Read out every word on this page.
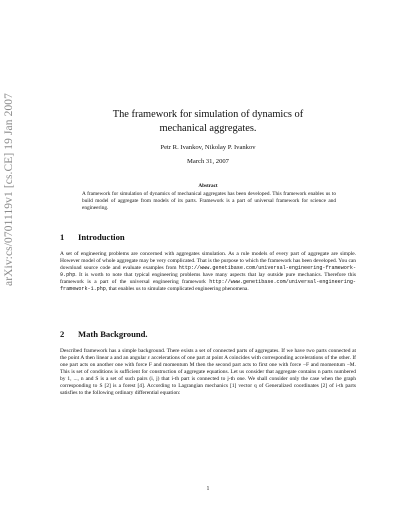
arXiv:cs/0701119v1 [cs.CE] 19 Jan 2007	The framework for simulation of dynamics of
mechanical aggregates.
Petr R. Ivankov, Nikolay P. Ivankov
March 31, 2007
Abstract
A framework for simulation of dynamics of mechanical aggregates has been developed. This framework enables us to build model of aggregate from models of its parts. Framework is a part of universal framework for science and engineering.
1 Introduction
A set of engineering problems are concerned with aggregates simulation. As a rule models of every part of aggregate are simple. However model of whole aggregate may be very complicated. That is the purpose to which the framework has been developed. You can download source code and evaluate examples from http://www.genetibase.com/universal-engineering-framework-9.php. It is worth to note that typical engineering problems have many aspects that lay outside pure mechanics. Therefore this framework is a part of the universal engineering framework http://www.genetibase.com/universal-engineering-framework-1.php, that enables us to simulate complicated engineering phenomena.
2 Math Background.
Described framework has a simple background. There exists a set of connected parts of aggregates. If we have two parts connected at the point A then linear a and an angular ε accelerations of one part at point A coincides with corresponding accelerations of the other. If one part acts on another one with force F and momentum M then the second part acts to first one with force −F and momentum −M. This is set of conditions is sufficient for construction of aggregate equations. Let us consider that aggregate contains n parts numbered by 1, ..., n and S is a set of such pairs (i, j) that i-th part is connected to j-th one. We shall consider only the case when the graph corresponding to S [2] is a forest [4]. According to Lagrangian mechanics [1] vector q of Generalized coordinates [2] of i-th parts satisfies to the following ordinary differential equation:
1
